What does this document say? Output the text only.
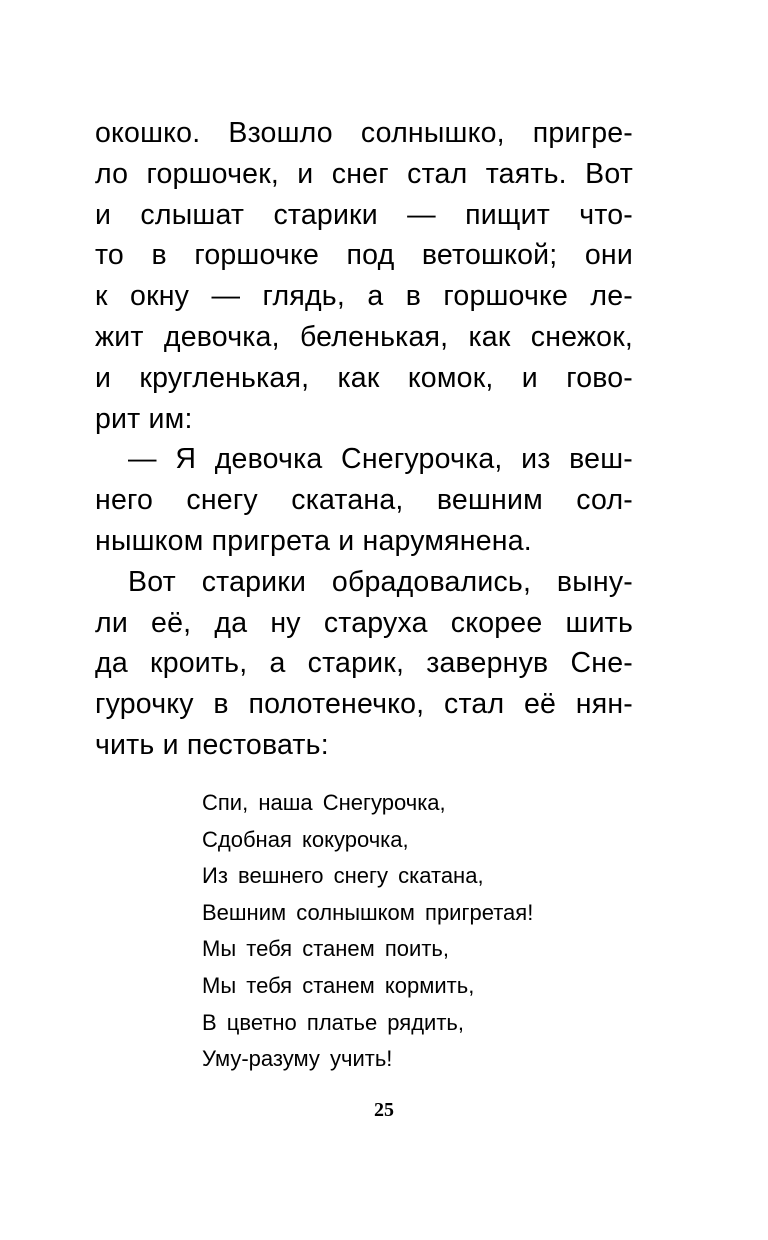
окошко. Взошло солнышко, пригре-
ло горшочек, и снег стал таять. Вот
и слышат старики — пищит что-
то в горшочке под ветошкой; они
к окну — глядь, а в горшочке ле-
жит девочка, беленькая, как снежок,
и кругленькая, как комок, и гово-
рит им:
— Я девочка Снегурочка, из веш-
него снегу скатана, вешним сол-
нышком пригрета и нарумянена.
Вот старики обрадовались, выну-
ли её, да ну старуха скорее шить
да кроить, а старик, завернув Сне-
гурочку в полотенечко, стал её нян-
чить и пестовать:
Спи, наша Снегурочка,
Сдобная кокурочка,
Из вешнего снегу скатана,
Вешним солнышком пригретая!
Мы тебя станем поить,
Мы тебя станем кормить,
В цветно платье рядить,
Уму-разуму учить!
25
